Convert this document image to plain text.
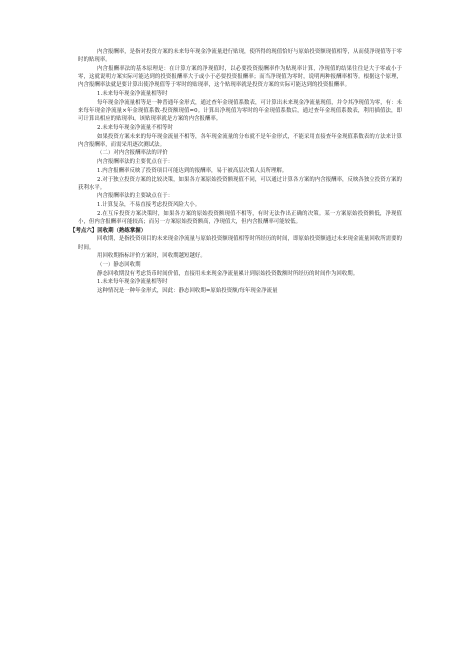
内含报酬率，是指对投资方案的未来每年现金净流量进行贴现，使所得的现值恰好与原始投资额现值相等，从而使净现值等于零时的贴现率。

内含报酬率法的基本原理是：在计算方案的净现值时，以必要投资报酬率作为贴现率计算，净现值的结果往往是大于零或小于零，这就说明方案实际可能达到的投资报酬率大于或小于必要投资报酬率；而当净现值为零时，说明两种报酬率相等。根据这个原理，内含报酬率法就是要计算出使净现值等于零时的贴现率，这个贴现率就是投资方案的实际可能达到的投资报酬率。

1.未来每年现金净流量相等时

每年现金净流量相等是一种普通年金形式，通过查年金现值系数表，可计算出未来现金净流量现值，并令其净现值为零，有：未来每年现金净流量×年金现值系数-投资额现值=0。计算出净现值为零时的年金现值系数后，通过查年金现值系数表，利用插值法，即可计算出相应的贴现率i，该贴现率就是方案的内含报酬率。

2.未来每年现金净流量不相等时

如果投资方案未来的每年现金流量不相等，各年现金流量的分布就不是年金形式，不能采用直接查年金现值系数表的方法来计算内含报酬率，而需采用逐次测试法。

（二）对内含报酬率法的评价

内含报酬率法的主要优点在于：

1.内含报酬率反映了投资项目可能达到的报酬率，易于被高层决策人员所理解。

2.对于独立投资方案的比较决策，如果各方案原始投资额现值不同，可以通过计算各方案的内含报酬率，反映各独立投资方案的获利水平。

内含报酬率法的主要缺点在于：

1.计算复杂，不易直接考虑投资风险大小。

2.在互斥投资方案决策时，如果各方案的原始投资额现值不相等，有时无法作出正确的决策。某一方案原始投资额低，净现值小，但内含报酬率可能较高；而另一方案原始投资额高，净现值大，但内含报酬率可能较低。

【考点六】回收期（熟练掌握）

回收期，是指投资项目的未来现金净流量与原始投资额现值相等时所经历的时间，即原始投资额通过未来现金流量回收所需要的时间。

用回收期指标评价方案时，回收期越短越好。

（一）静态回收期

静态回收期没有考虑货币时间价值，直接用未来现金净流量累计到原始投资数额时所经历的时间作为回收期。

1.未来每年现金净流量相等时

这种情况是一种年金形式，因此：静态回收期=原始投资额/每年现金净流量
